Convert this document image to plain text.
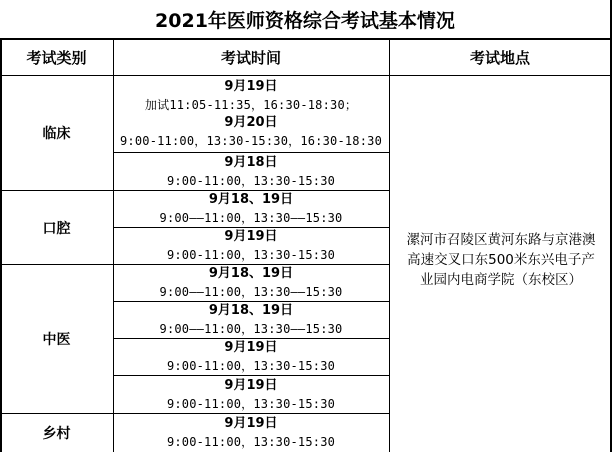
2021年医师资格综合考试基本情况
考试类别	考试时间	考试地点
临床
口腔
中医
乡村
9月19日
加试11:05-11:35，16:30-18:30；
9月20日
9:00-11:00，13:30-15:30，16:30-18:30
9月18日
9:00-11:00，13:30-15:30
9月18、19日
9:00——11:00，13:30——15:30
9月19日
9:00-11:00，13:30-15:30
9月18、19日
9:00——11:00，13:30——15:30
9月18、19日
9:00——11:00，13:30——15:30
9月19日
9:00-11:00，13:30-15:30
9月19日
9:00-11:00，13:30-15:30
9月19日
9:00-11:00，13:30-15:30
漯河市召陵区黄河东路与京港澳
高速交叉口东500米东兴电子产
业园内电商学院（东校区）
